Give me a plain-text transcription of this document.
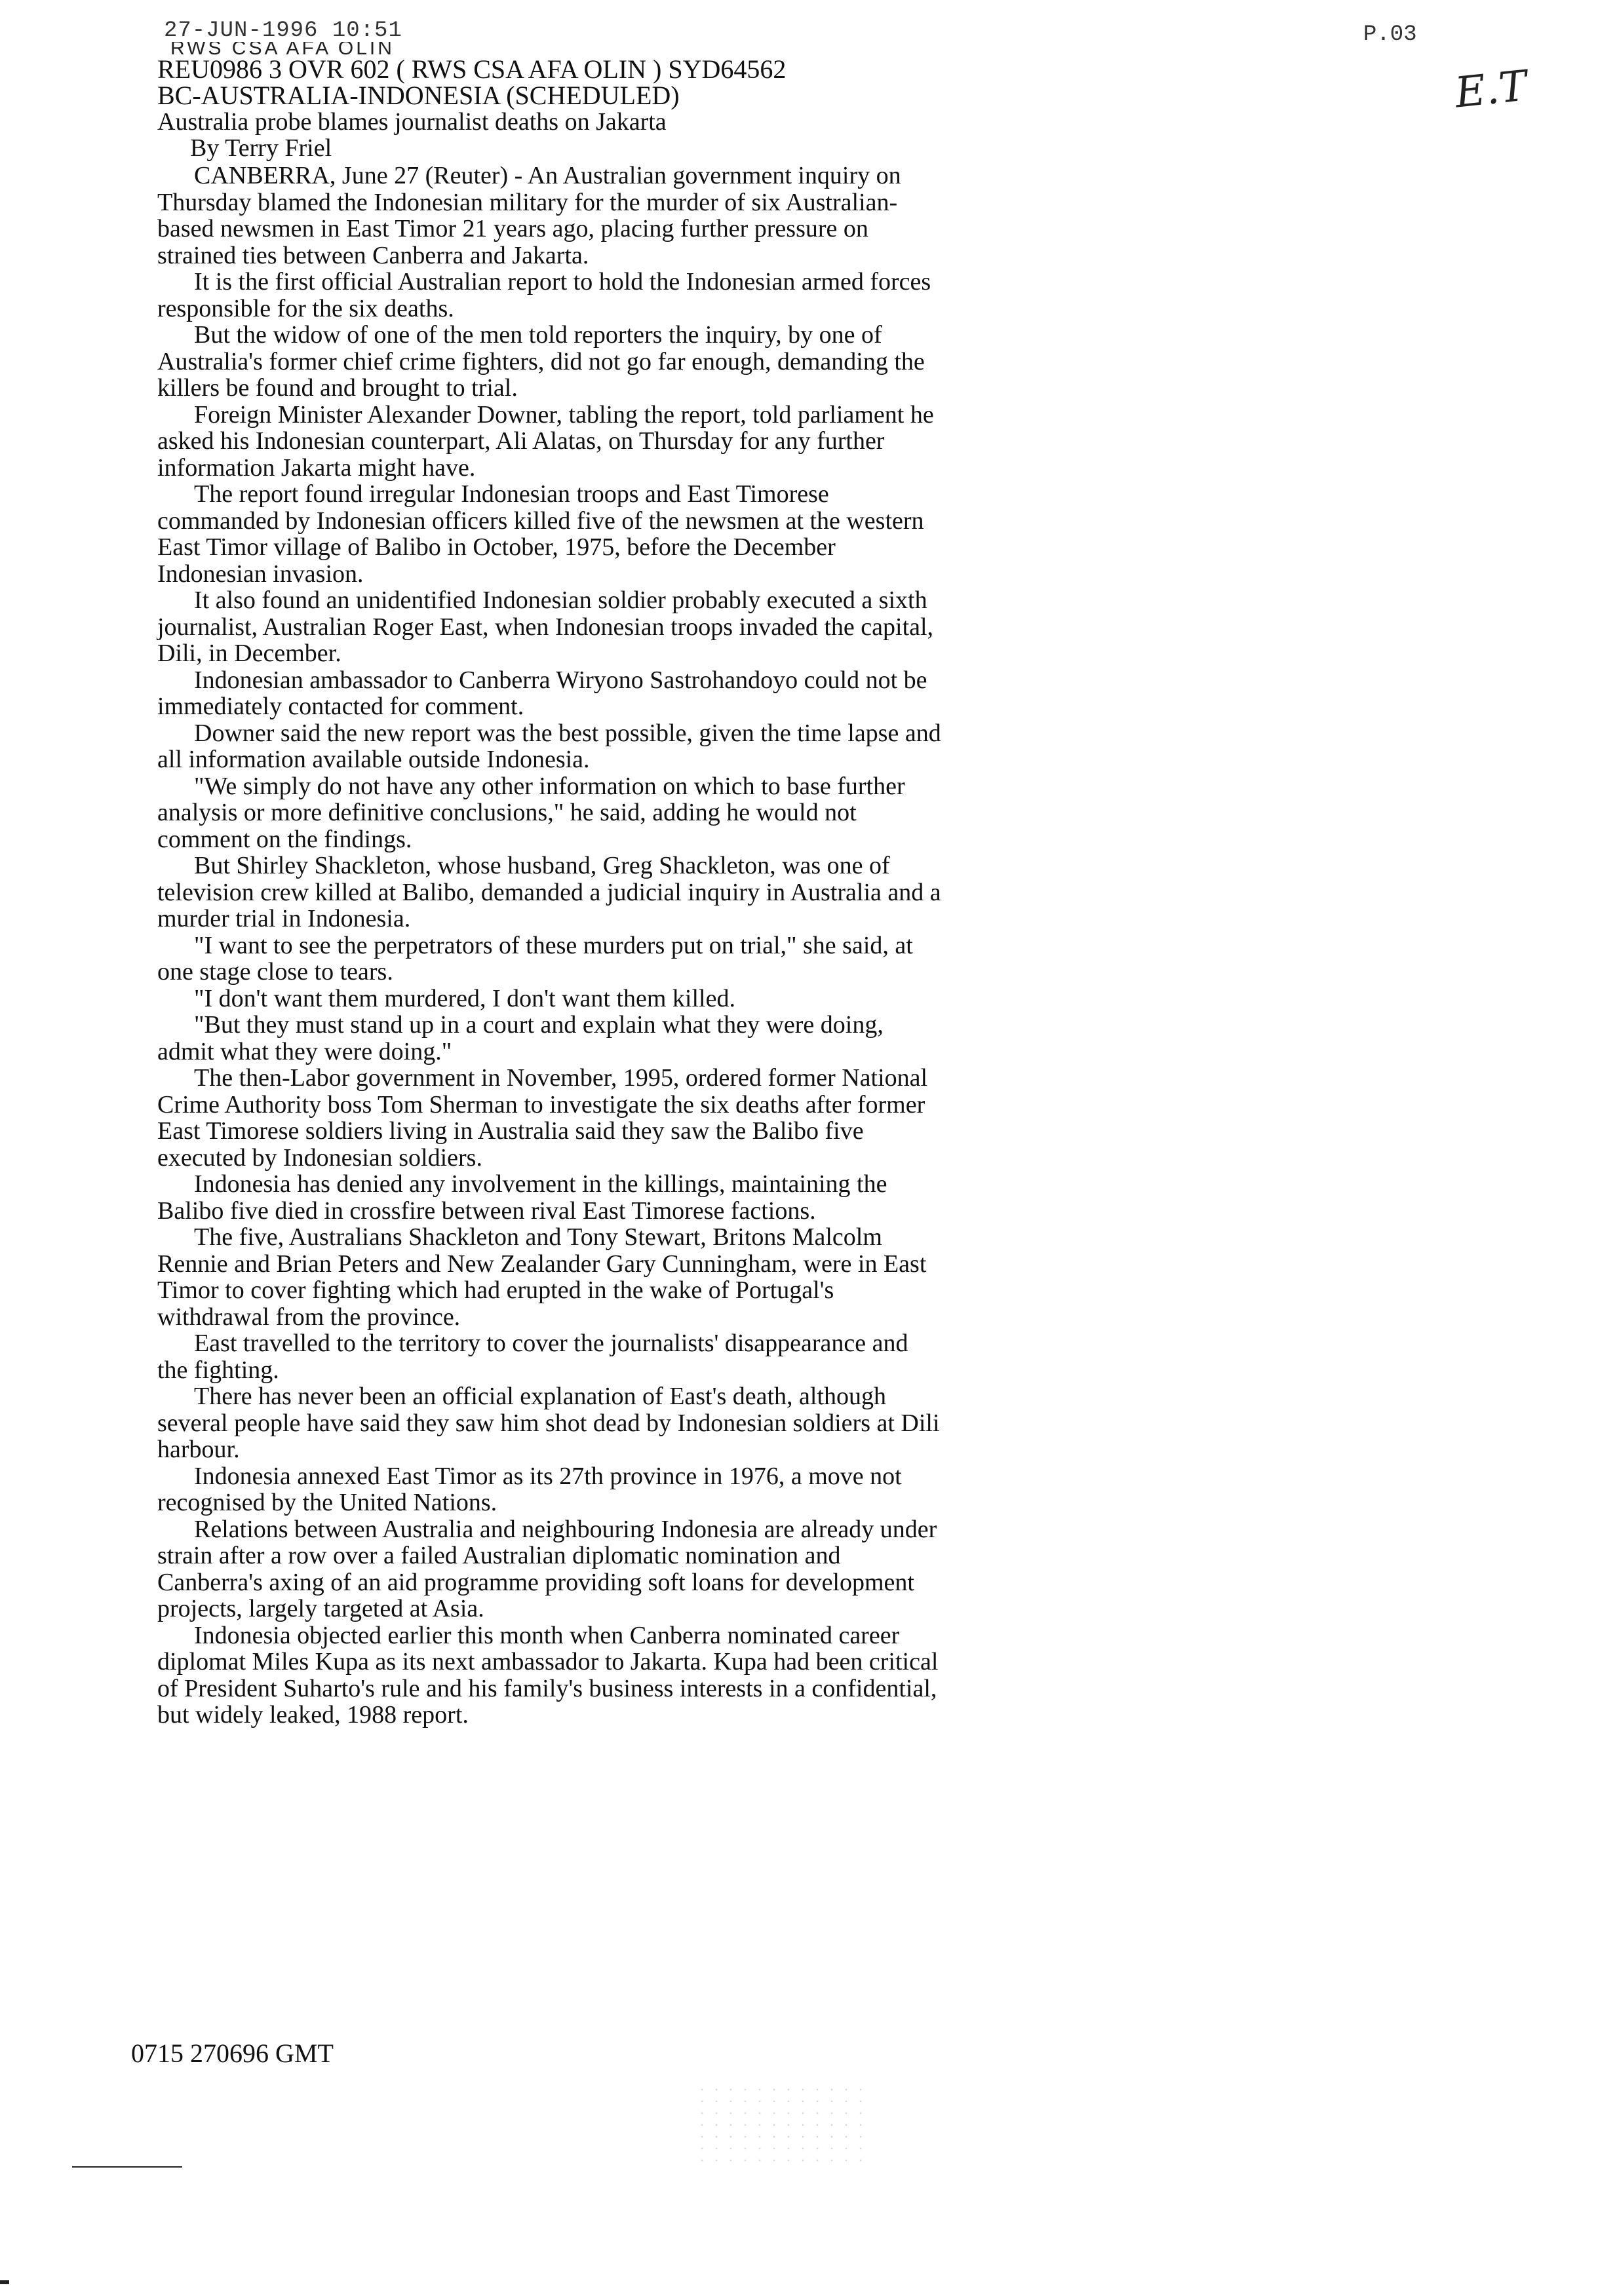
27-JUN-1996 10:51	P.03
E.T
RWS CSA AFA OLIN

REU0986 3 OVR 602 ( RWS CSA AFA OLIN ) SYD64562

BC-AUSTRALIA-INDONESIA (SCHEDULED)

Australia probe blames journalist deaths on Jakarta

By Terry Friel

CANBERRA, June 27 (Reuter) - An Australian government inquiry on Thursday blamed the Indonesian military for the murder of six Australian-based newsmen in East Timor 21 years ago, placing further pressure on strained ties between Canberra and Jakarta.

It is the first official Australian report to hold the Indonesian armed forces responsible for the six deaths.

But the widow of one of the men told reporters the inquiry, by one of Australia's former chief crime fighters, did not go far enough, demanding the killers be found and brought to trial.

Foreign Minister Alexander Downer, tabling the report, told parliament he asked his Indonesian counterpart, Ali Alatas, on Thursday for any further information Jakarta might have.

The report found irregular Indonesian troops and East Timorese commanded by Indonesian officers killed five of the newsmen at the western East Timor village of Balibo in October, 1975, before the December Indonesian invasion.

It also found an unidentified Indonesian soldier probably executed a sixth journalist, Australian Roger East, when Indonesian troops invaded the capital, Dili, in December.

Indonesian ambassador to Canberra Wiryono Sastrohandoyo could not be immediately contacted for comment.

Downer said the new report was the best possible, given the time lapse and all information available outside Indonesia.

"We simply do not have any other information on which to base further analysis or more definitive conclusions," he said, adding he would not comment on the findings.

But Shirley Shackleton, whose husband, Greg Shackleton, was one of television crew killed at Balibo, demanded a judicial inquiry in Australia and a murder trial in Indonesia.

"I want to see the perpetrators of these murders put on trial," she said, at one stage close to tears.

"I don't want them murdered, I don't want them killed.

"But they must stand up in a court and explain what they were doing, admit what they were doing."

The then-Labor government in November, 1995, ordered former National Crime Authority boss Tom Sherman to investigate the six deaths after former East Timorese soldiers living in Australia said they saw the Balibo five executed by Indonesian soldiers.

Indonesia has denied any involvement in the killings, maintaining the Balibo five died in crossfire between rival East Timorese factions.

The five, Australians Shackleton and Tony Stewart, Britons Malcolm Rennie and Brian Peters and New Zealander Gary Cunningham, were in East Timor to cover fighting which had erupted in the wake of Portugal's withdrawal from the province.

East travelled to the territory to cover the journalists' disappearance and the fighting.

There has never been an official explanation of East's death, although several people have said they saw him shot dead by Indonesian soldiers at Dili harbour.

Indonesia annexed East Timor as its 27th province in 1976, a move not recognised by the United Nations.

Relations between Australia and neighbouring Indonesia are already under strain after a row over a failed Australian diplomatic nomination and Canberra's axing of an aid programme providing soft loans for development projects, largely targeted at Asia.

Indonesia objected earlier this month when Canberra nominated career diplomat Miles Kupa as its next ambassador to Jakarta. Kupa had been critical of President Suharto's rule and his family's business interests in a confidential, but widely leaked, 1988 report.

0715 270696 GMT
